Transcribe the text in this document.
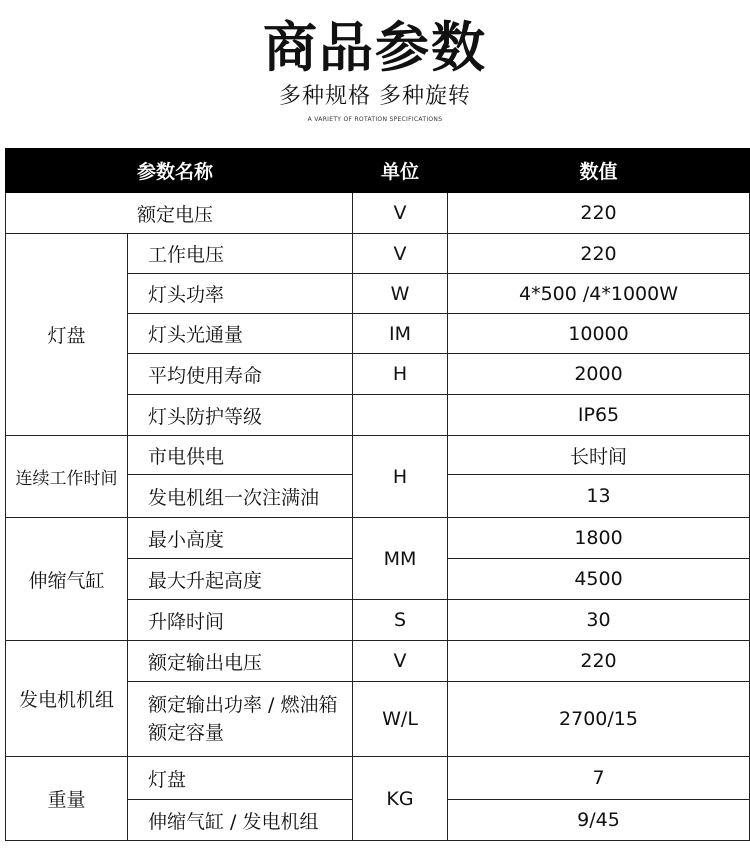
商品参数
多种规格 多种旋转
A VARIETY OF ROTATION SPECIFICATIONS
参数名称		单位	数值
额定电压		V	220
灯盘	工作电压	V	220
	灯头功率	W	4*500 /4*1000W
	灯头光通量	IM	10000
	平均使用寿命	H	2000
	灯头防护等级		IP65
连续工作时间	市电供电	H	长时间
	发电机组一次注满油		13
伸缩气缸	最小高度	MM	1800
	最大升起高度		4500
	升降时间	S	30
发电机机组	额定输出电压	V	220
	额定输出功率 / 燃油箱额定容量	W/L	2700/15
重量	灯盘	KG	7
	伸缩气缸 / 发电机组		9/45
